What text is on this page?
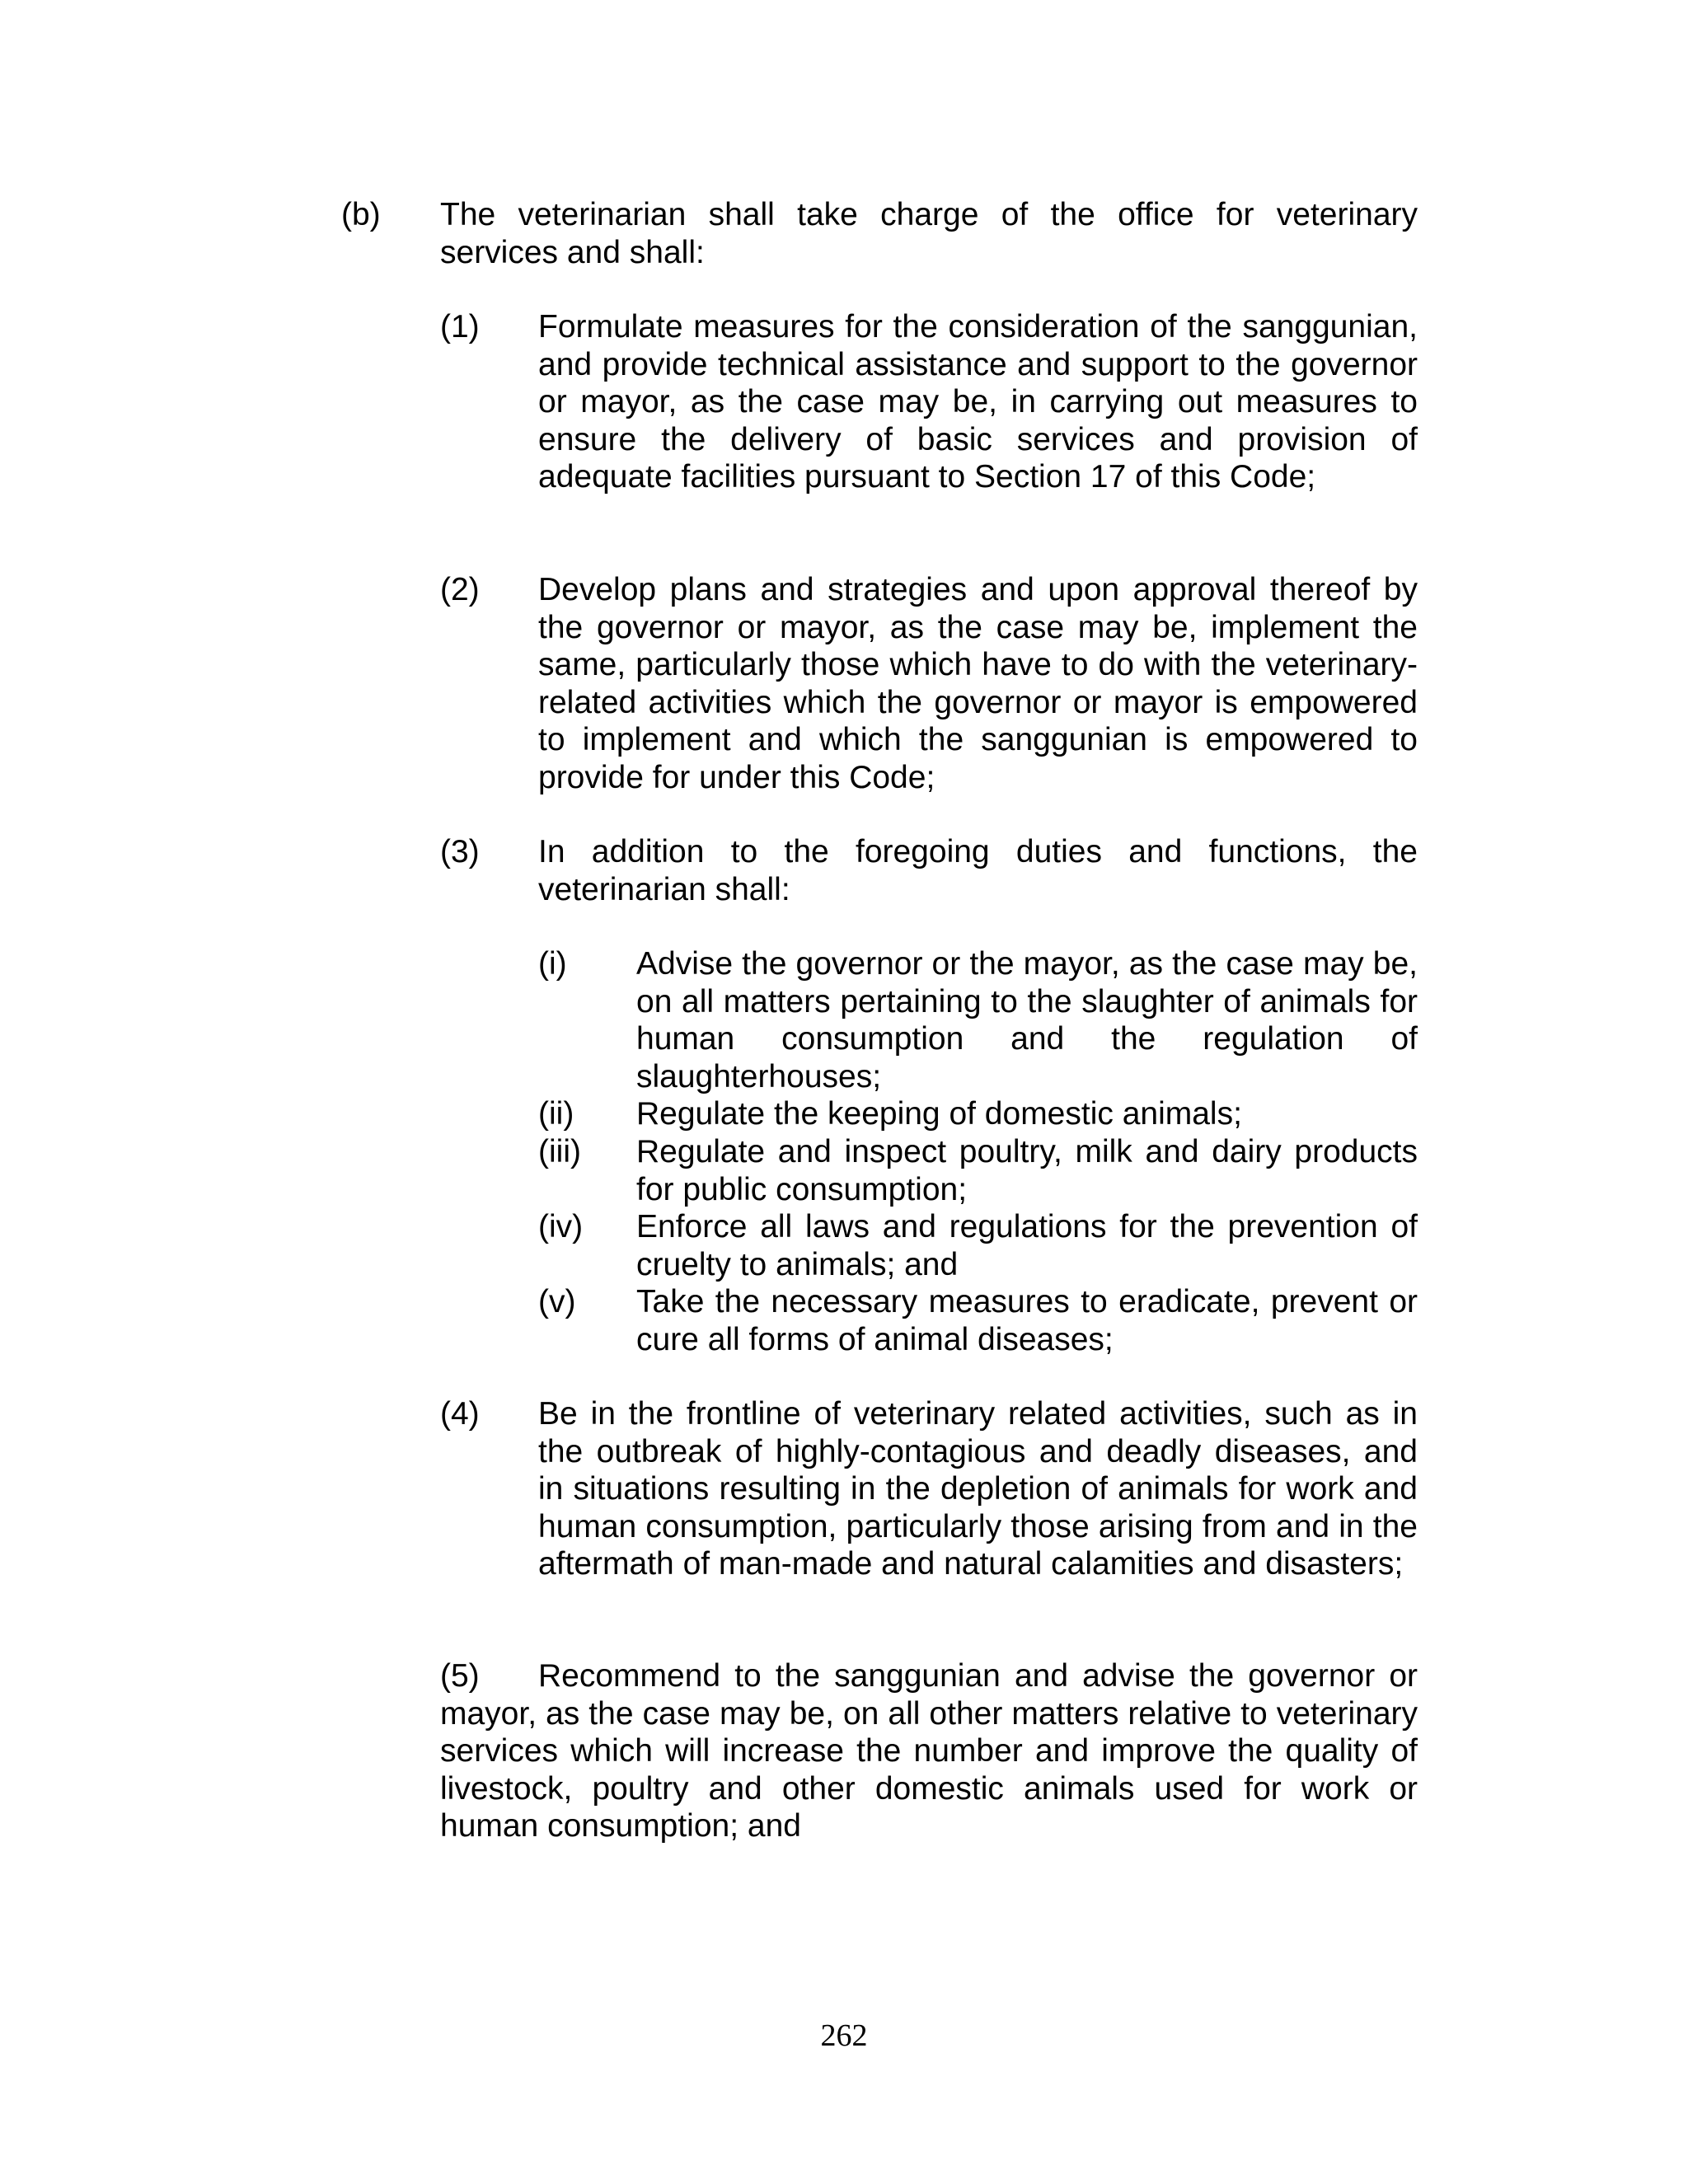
(b) The veterinarian shall take charge of the office for veterinary services and shall:
(1) Formulate measures for the consideration of the sanggunian, and provide technical assistance and support to the governor or mayor, as the case may be, in carrying out measures to ensure the delivery of basic services and provision of adequate facilities pursuant to Section 17 of this Code;
(2) Develop plans and strategies and upon approval thereof by the governor or mayor, as the case may be, implement the same, particularly those which have to do with the veterinary-related activities which the governor or mayor is empowered to implement and which the sanggunian is empowered to provide for under this Code;
(3) In addition to the foregoing duties and functions, the veterinarian shall:
(i) Advise the governor or the mayor, as the case may be, on all matters pertaining to the slaughter of animals for human consumption and the regulation of slaughterhouses;
(ii) Regulate the keeping of domestic animals;
(iii) Regulate and inspect poultry, milk and dairy products for public consumption;
(iv) Enforce all laws and regulations for the prevention of cruelty to animals; and
(v) Take the necessary measures to eradicate, prevent or cure all forms of animal diseases;
(4) Be in the frontline of veterinary related activities, such as in the outbreak of highly-contagious and deadly diseases, and in situations resulting in the depletion of animals for work and human consumption, particularly those arising from and in the aftermath of man-made and natural calamities and disasters;
(5) Recommend to the sanggunian and advise the governor or mayor, as the case may be, on all other matters relative to veterinary services which will increase the number and improve the quality of livestock, poultry and other domestic animals used for work or human consumption; and
262
